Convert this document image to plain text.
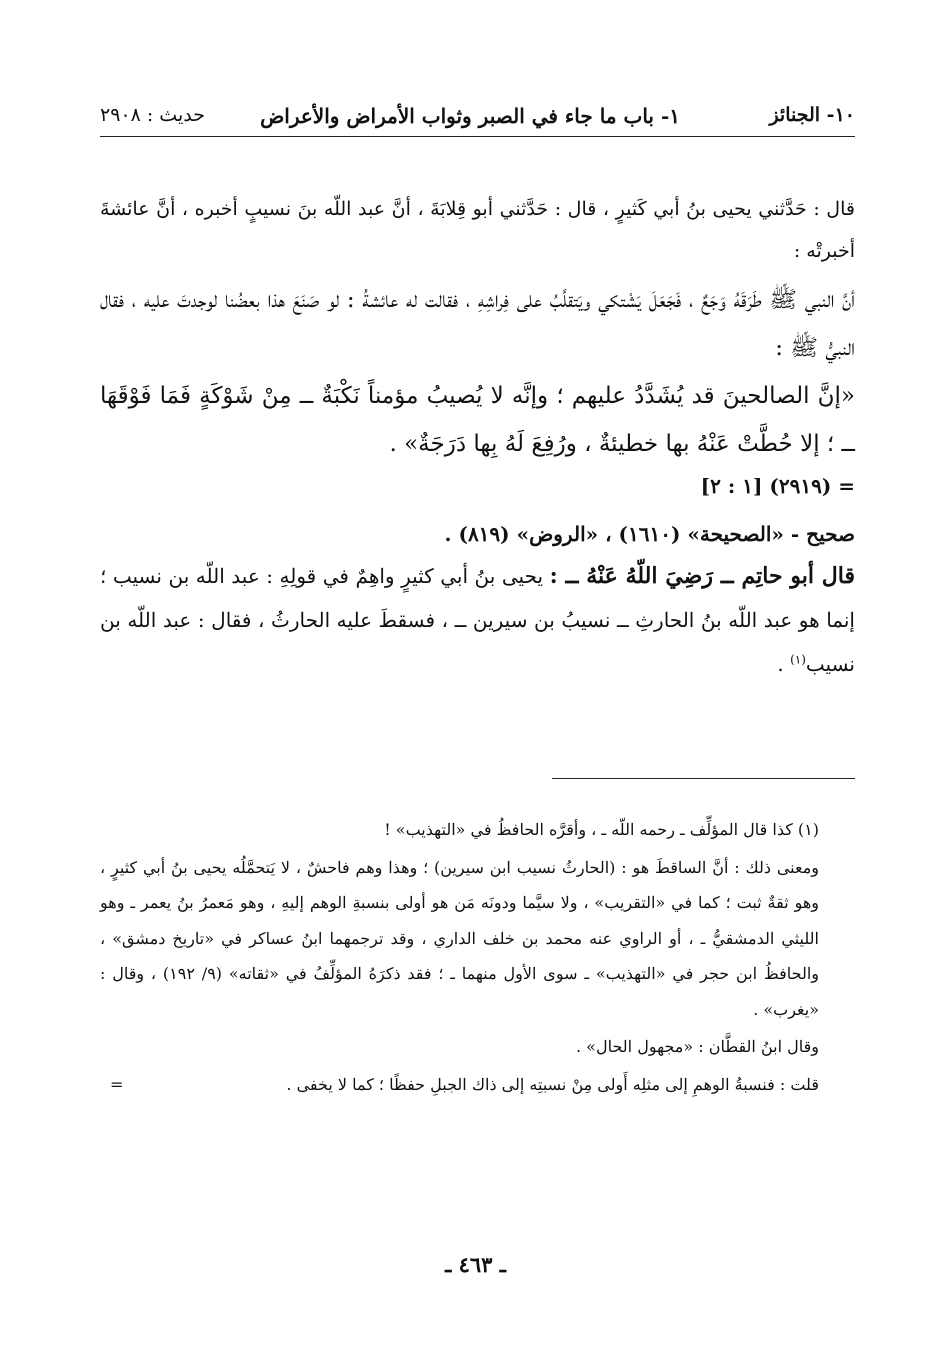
١٠- الجنائز
١- باب ما جاء في الصبر وثواب الأمراض والأعراض
حديث : ٢٩٠٨

قال : حَدَّثني يحيى بنُ أبي كَثيرٍ ، قال : حَدَّثني أبو قِلابَةَ ، أنَّ عبد اللّه بنَ نسيبٍ أخبره ، أنَّ عائشةَ أخبرتْه :

أنَّ النبي ﷺ طَرَقَهُ وَجَعٌ ، فَجَعَلَ يَشْتكي ويَتقلَّبُ على فِراشِهِ ، فقالت له عائشةُ : لو صَنَعَ هذا بعضُنا لوجدتَ عليه ، فقال النبيُّ ﷺ :

«إنَّ الصالحينَ قد يُشَدَّدُ عليهم ؛ وإنَّه لا يُصيبُ مؤمناً نَكْبَةٌ ــ مِنْ شَوْكَةٍ فَمَا فَوْقَهَا ــ ؛ إلا حُطَّتْ عَنْهُ بها خطيئةٌ ، ورُفِعَ لَهُ بِها دَرَجَةٌ» .

= (٢٩١٩) [١ : ٢]

صحيح - «الصحيحة» (١٦١٠) ، «الروض» (٨١٩) .

قال أبو حاتِم ــ رَضِيَ اللّهُ عَنْهُ ــ : يحيى بنُ أبي كثيرٍ واهِمٌ في قولِهِ : عبد اللّه بن نسيب ؛ إنما هو عبد اللّه بنُ الحارثِ ــ نسيبُ بن سيرين ــ ، فسقطَ عليه الحارثُ ، فقال : عبد اللّه بن نسيب$^{(١)}$ .

(١) كذا قال المؤلِّف ـ رحمه اللّه ـ ، وأقرَّه الحافظُ في «التهذيب» !

ومعنى ذلك : أنَّ الساقطَ هو : (الحارثُ نسيب ابن سيرين) ؛ وهذا وهم فاحشٌ ، لا يَتحمَّلُه يحيى بنُ أبي كثيرٍ ، وهو ثقةٌ ثبت ؛ كما في «التقريب» ، ولا سيَّما ودونَه مَن هو أولى بنسبةِ الوهم إليهِ ، وهو مَعمرُ بنُ يعمر ـ وهو الليثي الدمشقيُّ ـ ، أو الراوي عنه محمد بن خلف الداري ، وقد ترجمهما ابنُ عساكر في «تاريخ دمشق» ، والحافظُ ابن حجر في «التهذيب» ـ سوى الأول منهما ـ ؛ فقد ذكرَهُ المؤلِّفُ في «ثقاته» (٩/ ١٩٢) ، وقال : «يغرب» .

وقال ابنُ القطَّان : «مجهول الحال» .

قلت : فنسبةُ الوهمِ إلى مثلِه أَولى مِنْ نسبتِه إلى ذاك الجبلِ حفظًا ؛ كما لا يخفى .
=

ـ ٤٦٣ ـ
